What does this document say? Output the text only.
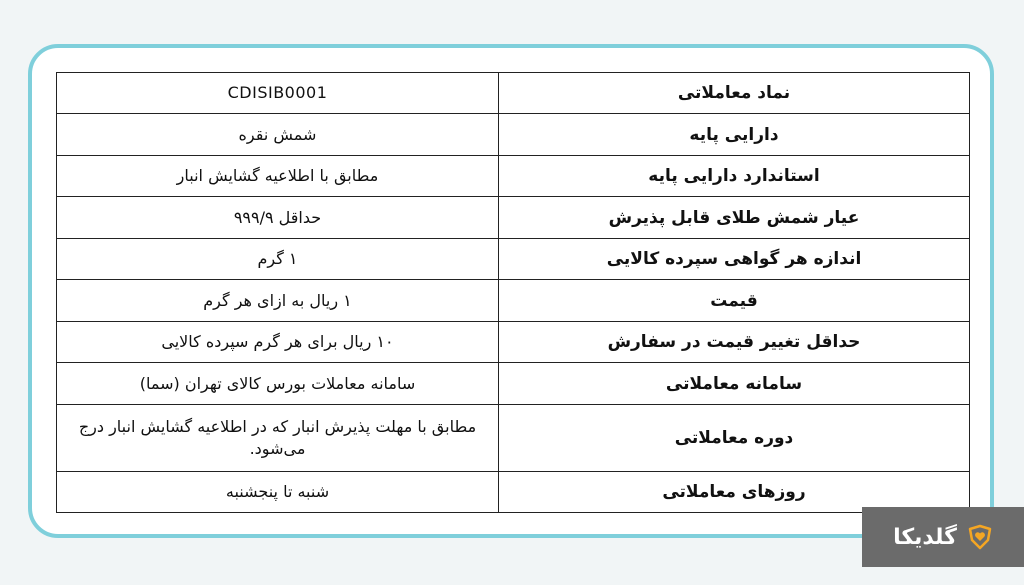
نماد معاملاتی	CDISIB0001
دارایی پایه	شمش نقره
استاندارد دارایی پایه	مطابق با اطلاعیه گشایش انبار
عیار شمش طلای قابل پذیرش	حداقل ۹۹۹/۹
اندازه هر گواهی سپرده کالایی	۱ گرم
قیمت	۱ ریال به ازای هر گرم
حداقل تغییر قیمت در سفارش	۱۰ ریال برای هر گرم سپرده کالایی
سامانه معاملاتی	سامانه معاملات بورس کالای تهران (سما)
دوره معاملاتی	مطابق با مهلت پذیرش انبار که در اطلاعیه گشایش انبار درج می‌شود.
روزهای معاملاتی	شنبه تا پنجشنبه
گلدیکا
